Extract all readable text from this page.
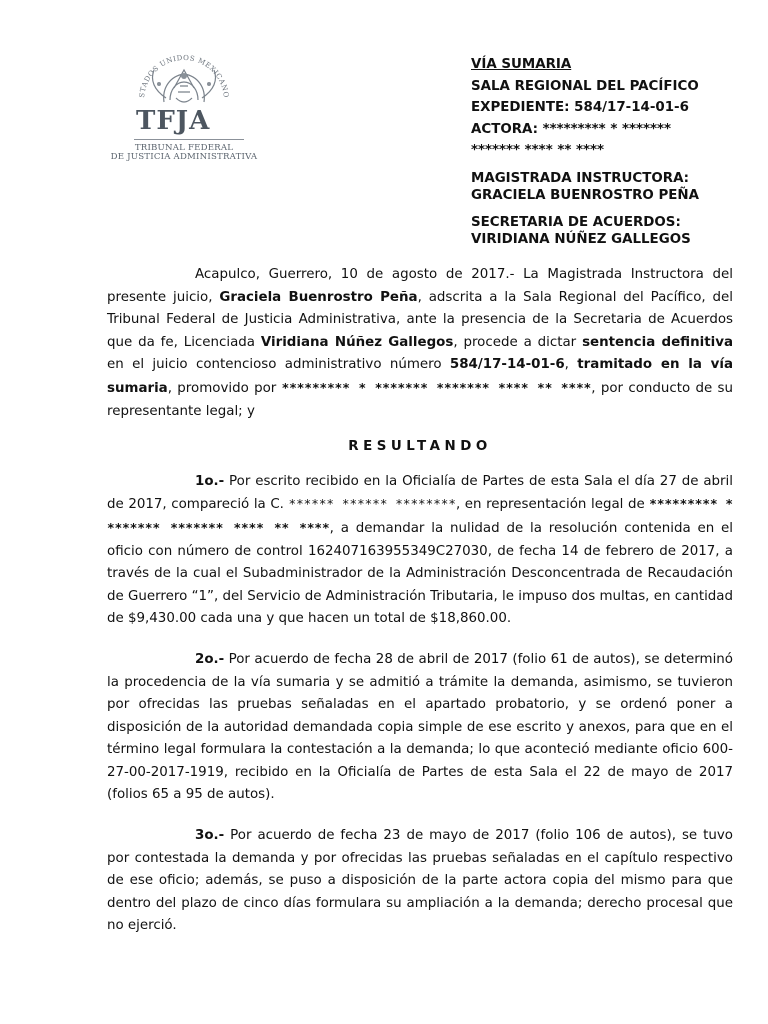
STADOS UNIDOS MEXICANO
TFJA
TRIBUNAL FEDERAL
DE JUSTICIA ADMINISTRATIVA
VÍA SUMARIA
SALA REGIONAL DEL PACÍFICO
EXPEDIENTE: 584/17-14-01-6
ACTORA: ********* * *******
******* **** ** ****
MAGISTRADA INSTRUCTORA:
GRACIELA BUENROSTRO PEÑA
SECRETARIA DE ACUERDOS:
VIRIDIANA NÚÑEZ GALLEGOS

Acapulco, Guerrero, 10 de agosto de 2017.- La Magistrada Instructora del presente juicio, Graciela Buenrostro Peña, adscrita a la Sala Regional del Pacífico, del Tribunal Federal de Justicia Administrativa, ante la presencia de la Secretaria de Acuerdos que da fe, Licenciada Viridiana Núñez Gallegos, procede a dictar sentencia definitiva en el juicio contencioso administrativo número 584/17-14-01-6, tramitado en la vía sumaria, promovido por ********* * ******* ******* **** ** ****, por conducto de su representante legal; y

RESULTANDO

1o.- Por escrito recibido en la Oficialía de Partes de esta Sala el día 27 de abril de 2017, compareció la C. ****** ****** ********, en representación legal de ********* * ******* ******* **** ** ****, a demandar la nulidad de la resolución contenida en el oficio con número de control 162407163955349C27030, de fecha 14 de febrero de 2017, a través de la cual el Subadministrador de la Administración Desconcentrada de Recaudación de Guerrero “1”, del Servicio de Administración Tributaria, le impuso dos multas, en cantidad de $9,430.00 cada una y que hacen un total de $18,860.00.

2o.- Por acuerdo de fecha 28 de abril de 2017 (folio 61 de autos), se determinó la procedencia de la vía sumaria y se admitió a trámite la demanda, asimismo, se tuvieron por ofrecidas las pruebas señaladas en el apartado probatorio, y se ordenó poner a disposición de la autoridad demandada copia simple de ese escrito y anexos, para que en el término legal formulara la contestación a la demanda; lo que aconteció mediante oficio 600-27-00-2017-1919, recibido en la Oficialía de Partes de esta Sala el 22 de mayo de 2017 (folios 65 a 95 de autos).

3o.- Por acuerdo de fecha 23 de mayo de 2017 (folio 106 de autos), se tuvo por contestada la demanda y por ofrecidas las pruebas señaladas en el capítulo respectivo de ese oficio; además, se puso a disposición de la parte actora copia del mismo para que dentro del plazo de cinco días formulara su ampliación a la demanda; derecho procesal que no ejerció.
